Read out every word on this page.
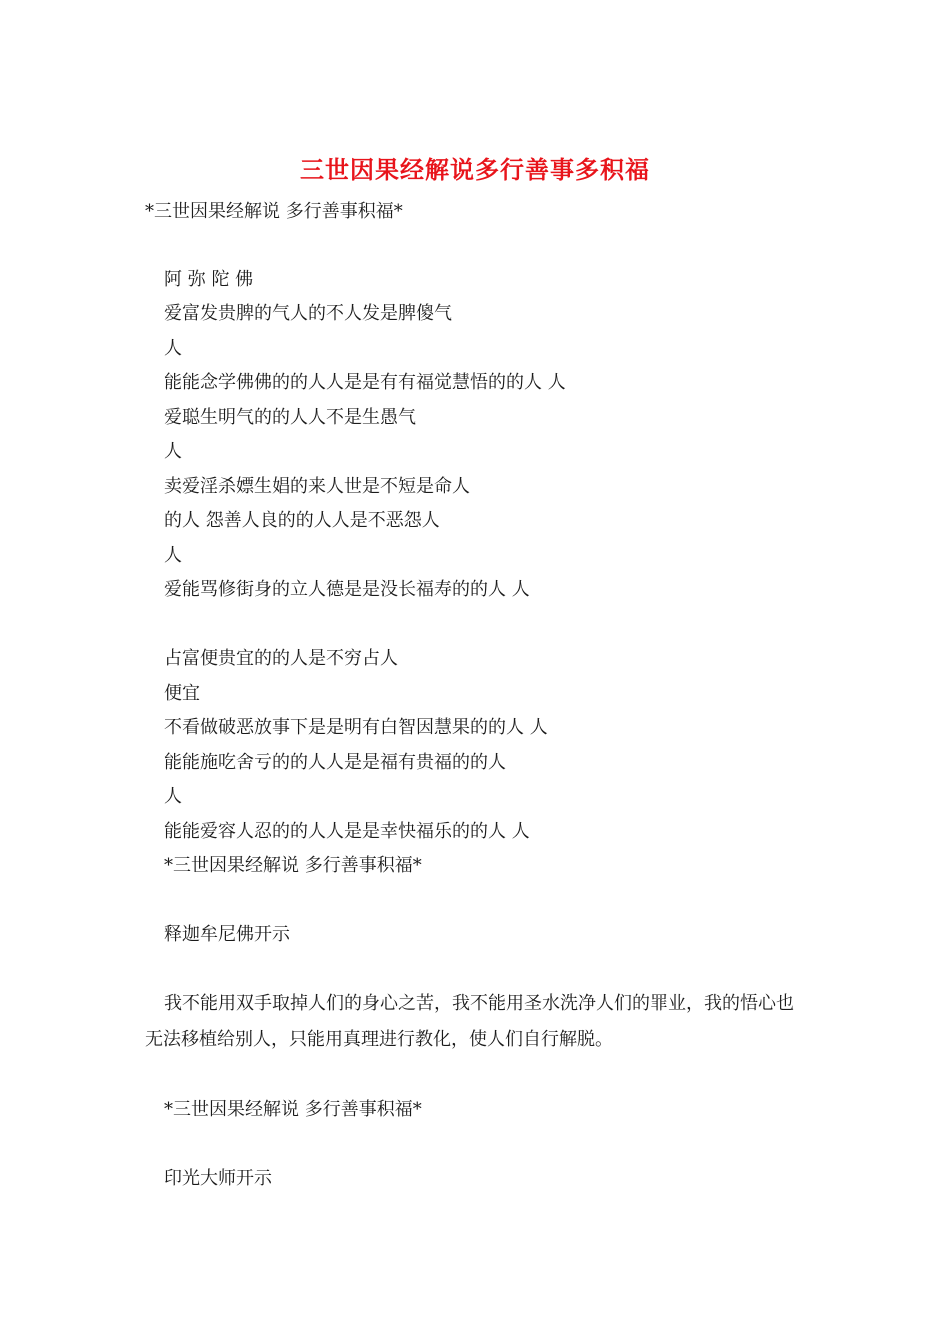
三世因果经解说多行善事多积福
*三世因果经解说 多行善事积福*
阿 弥 陀 佛
爱富发贵脾的气人的不人发是脾傻气
人
能能念学佛佛的的人人是是有有福觉慧悟的的人 人
爱聪生明气的的人人不是生愚气
人
卖爱淫杀嫖生娼的来人世是不短是命人
的人 怨善人良的的人人是不恶怨人
人
爱能骂修街身的立人德是是没长福寿的的人 人
占富便贵宜的的人是不穷占人
便宜
不看做破恶放事下是是明有白智因慧果的的人 人
能能施吃舍亏的的人人是是福有贵福的的人
人
能能爱容人忍的的人人是是幸快福乐的的人 人
*三世因果经解说 多行善事积福*
释迦牟尼佛开示
我不能用双手取掉人们的身心之苦，我不能用圣水洗净人们的罪业，我的悟心也无法移植给别人，只能用真理进行教化，使人们自行解脱。
*三世因果经解说 多行善事积福*
印光大师开示
